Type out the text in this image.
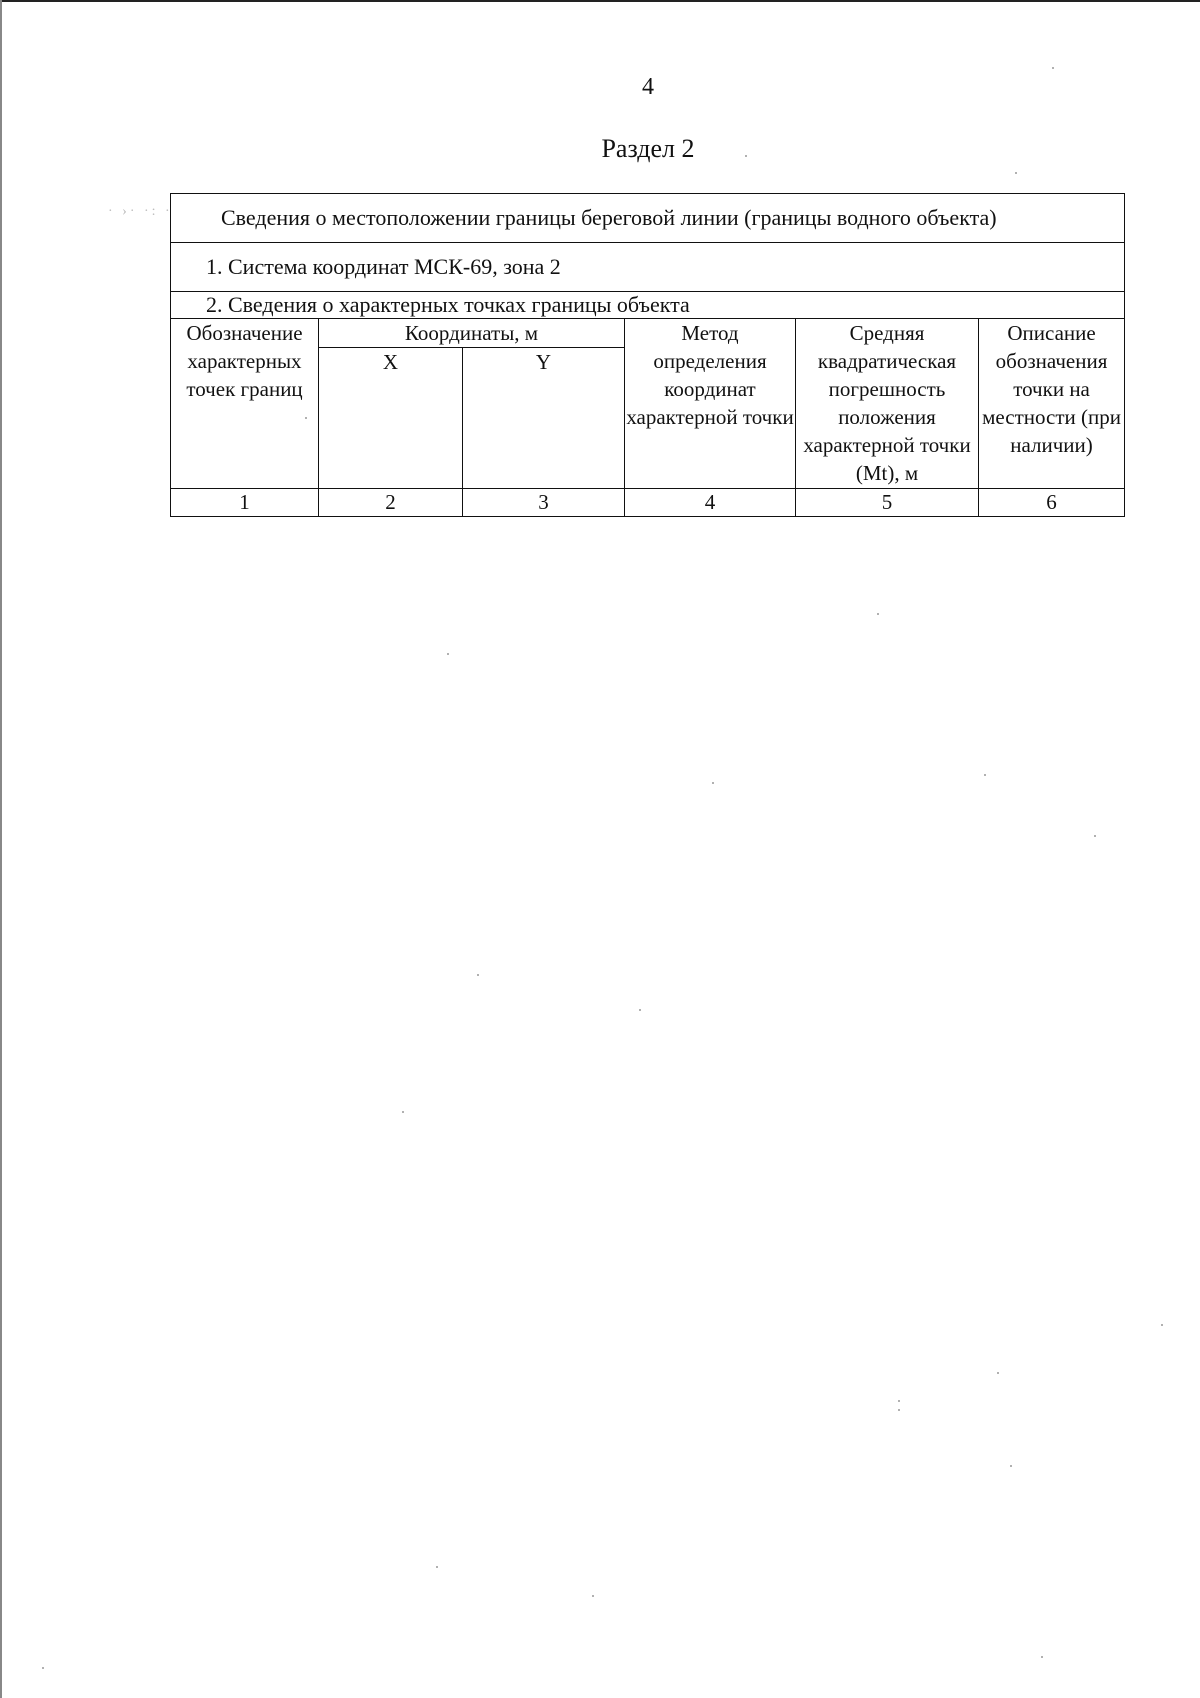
· ›· ·: ·
4
Раздел 2
Сведения о местоположении границы береговой линии (границы водного объекта)					
1. Система координат МСК-69, зона 2					
2. Сведения о характерных точках границы объекта					
Обозначение характерных точек границ	Координаты, м		Метод определения координат характерной точки	Средняя квадратическая погрешность положения характерной точки (Mt), м	Описание обозначения точки на местности (при наличии)
	X	Y			
1	2	3	4	5	6
